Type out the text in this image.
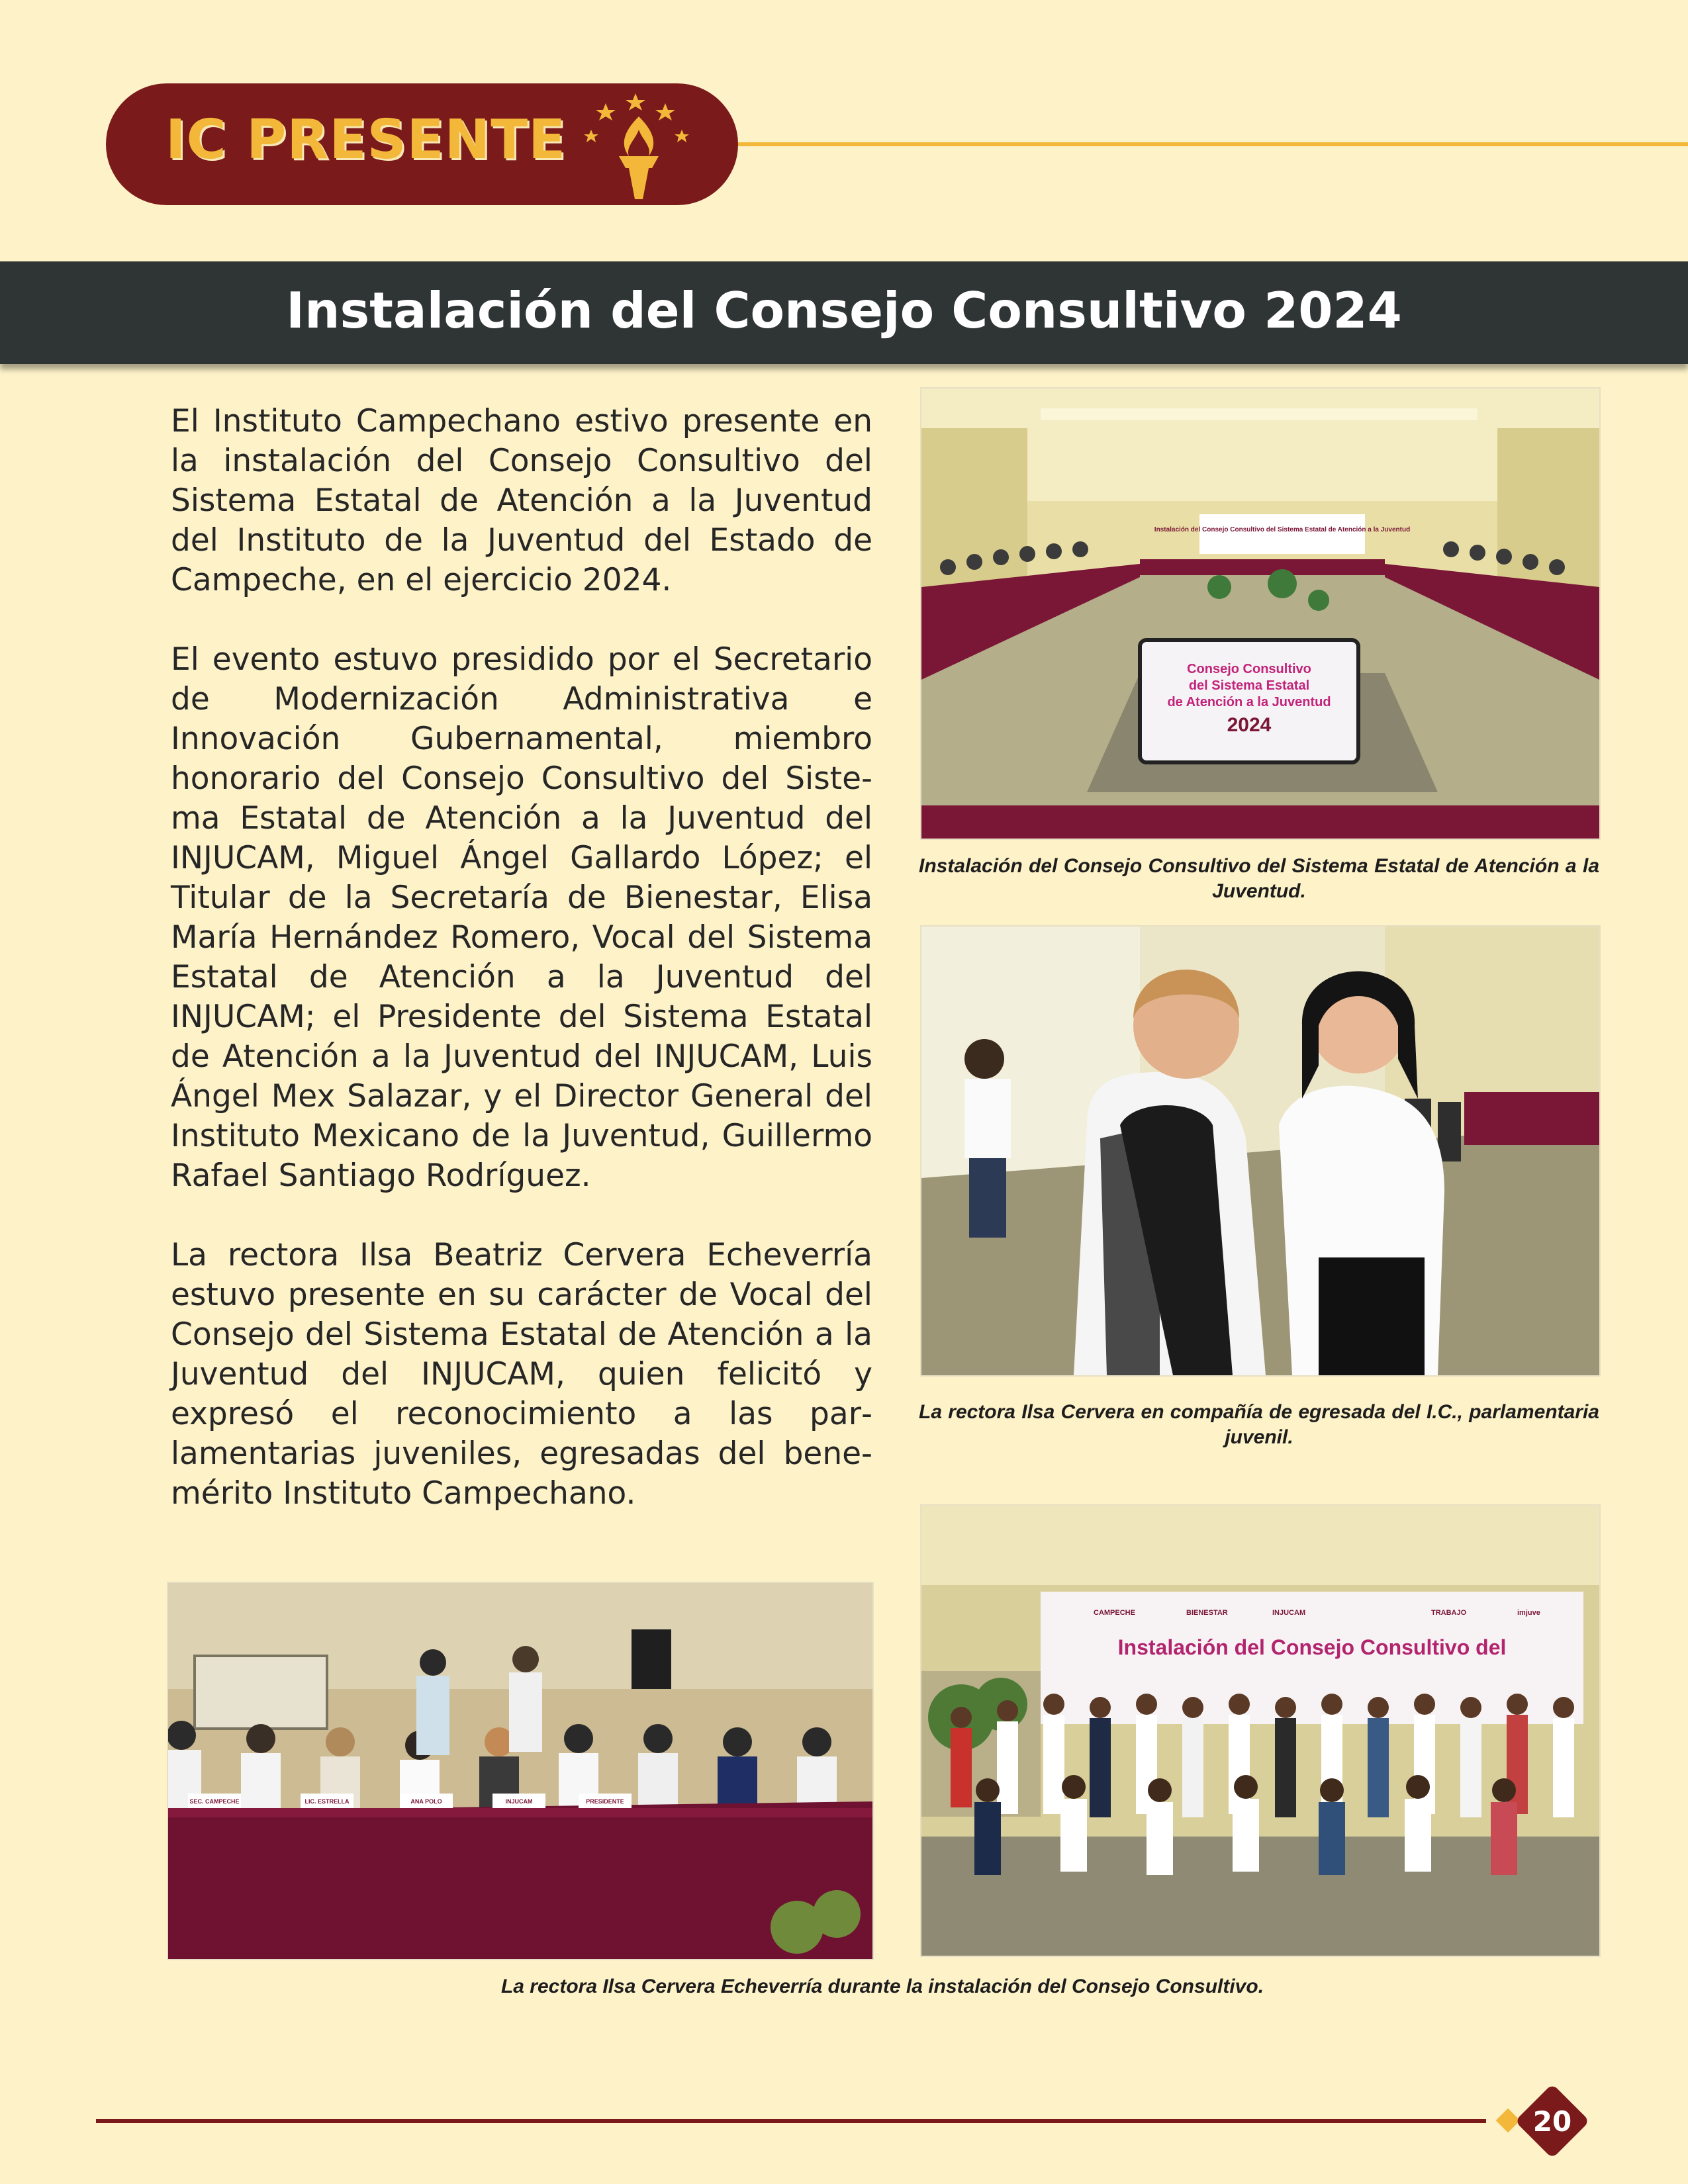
IC PRESENTE
Instalación del Consejo Consultivo 2024

El Instituto Campechano estivo presente en la instalación del Consejo Consultivo del Sistema Estatal de Atención a la Juventud del Instituto de la Juventud del Estado de Campeche, en el ejercicio 2024.

El evento estuvo presidido por el Secretario de Modernización Administrativa e Innovación Gubernamental, miembro honorario del Consejo Consultivo del Sistema Estatal de Atención a la Juventud del INJUCAM, Miguel Ángel Gallardo López; el Titular de la Secretaría de Bienestar, Elisa María Hernández Romero, Vocal del Sistema Estatal de Atención a la Juventud del INJUCAM; el Presidente del Sistema Estatal de Atención a la Juventud del INJUCAM, Luis Ángel Mex Salazar, y el Director General del Instituto Mexicano de la Juventud, Guillermo Rafael Santiago Rodríguez.

La rectora Ilsa Beatriz Cervera Echeverría estuvo presente en su carácter de Vocal del Consejo del Sistema Estatal de Atención a la Juventud del INJUCAM, quien felicitó y expresó el reconocimiento a las parlamentarias juveniles, egresadas del benemérito Instituto Campechano.

Instalación del Consejo Consultivo del Sistema Estatal de Atención a la Juventud
Consejo Consultivo
del Sistema Estatal
de Atención a la Juventud
2024
Instalación del Consejo Consultivo del Sistema Estatal de Atención a la Juventud.
La rectora Ilsa Cervera en compañía de egresada del I.C., parlamentaria juvenil.
CAMPECHE	BIENESTAR	INJUCAM	TRABAJO	imjuve
Instalación del Consejo Consultivo del
SEC. CAMPECHE	LIC. ESTRELLA	ANA POLO	INJUCAM	PRESIDENTE
La rectora Ilsa Cervera Echeverría durante la instalación del Consejo Consultivo.
20
